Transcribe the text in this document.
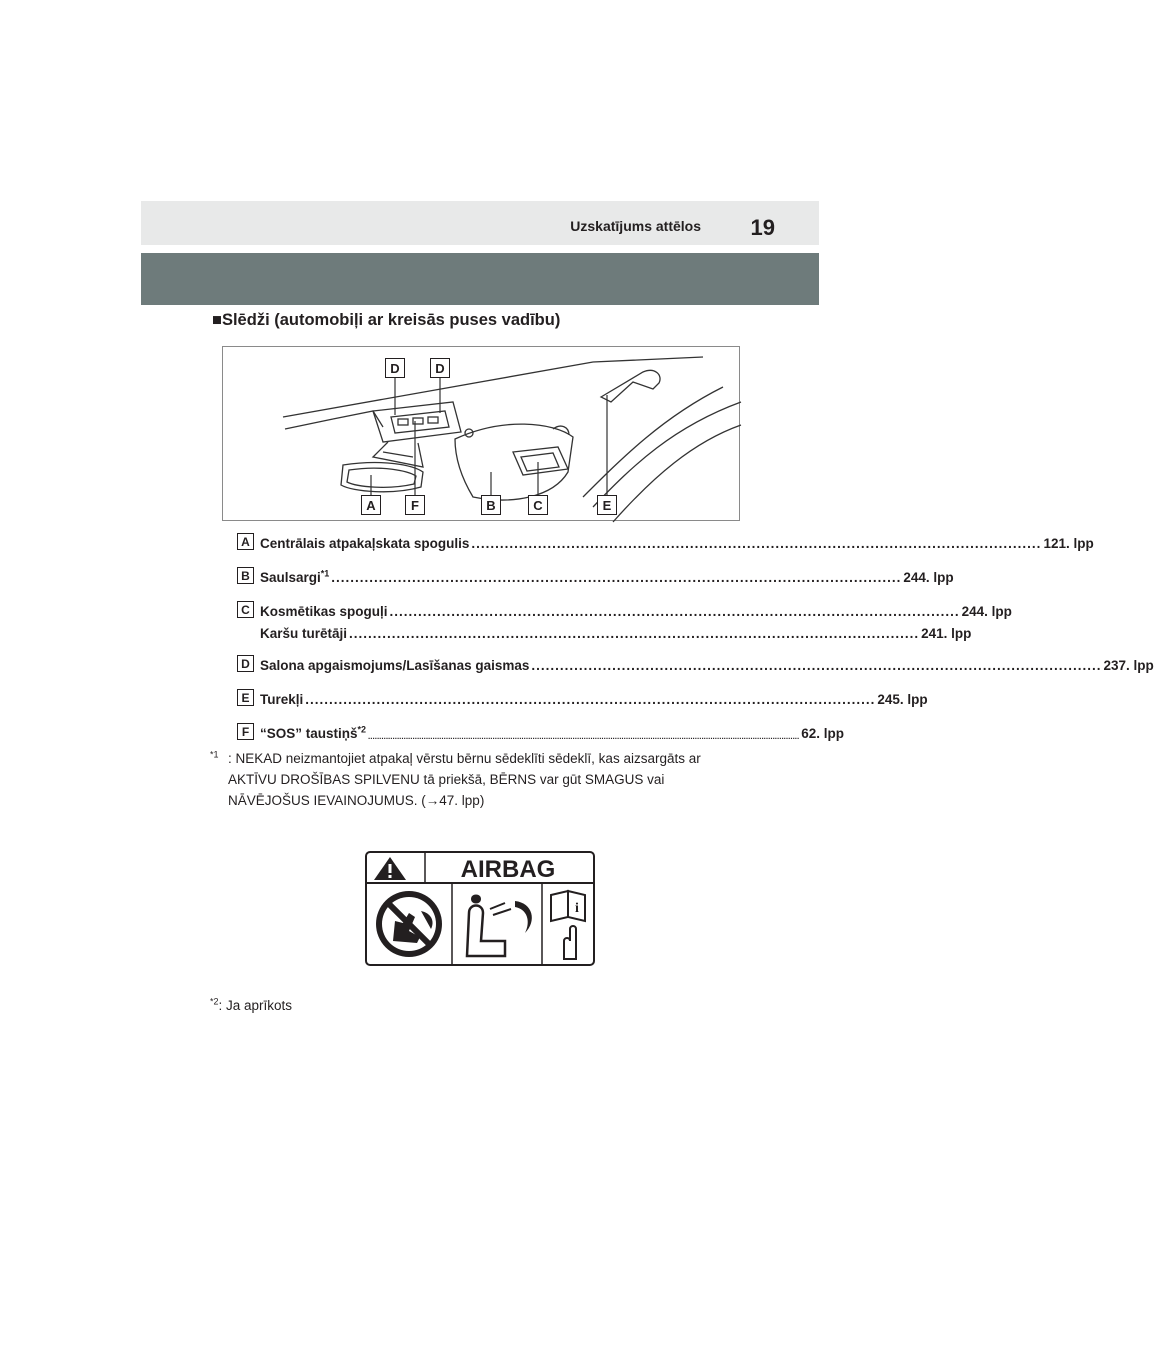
Uzskatījums attēlos 19
■Slēdži (automobiļi ar kreisās puses vadību)
D	D
A	F	B	C	E
A Centrālais atpakaļskata spogulis ........................................................................................................................ 121. lpp
B Saulsargi$^{*1}$ ........................................................................................................................ 244. lpp
C Kosmētikas spoguļi ........................................................................................................................ 244. lpp
Karšu turētāji ........................................................................................................................ 241. lpp
D Salona apgaismojums/Lasīšanas gaismas ........................................................................................................................ 237. lpp
E Turekļi ........................................................................................................................ 245. lpp
F “SOS” taustiņš$^{*2}$
.................................................................................................................................................................................................. 62. lpp
$^{*1}$ : NEKAD neizmantojiet atpakaļ vērstu bērnu sēdeklīti sēdeklī, kas aizsargāts ar AKTĪVU DROŠĪBAS SPILVENU tā priekšā, BĒRNS var gūt SMAGUS vai NĀVĒJOŠUS IEVAINOJUMUS. (→47. lpp)
AIRBAG
i
$^{*2}$: Ja aprīkots
